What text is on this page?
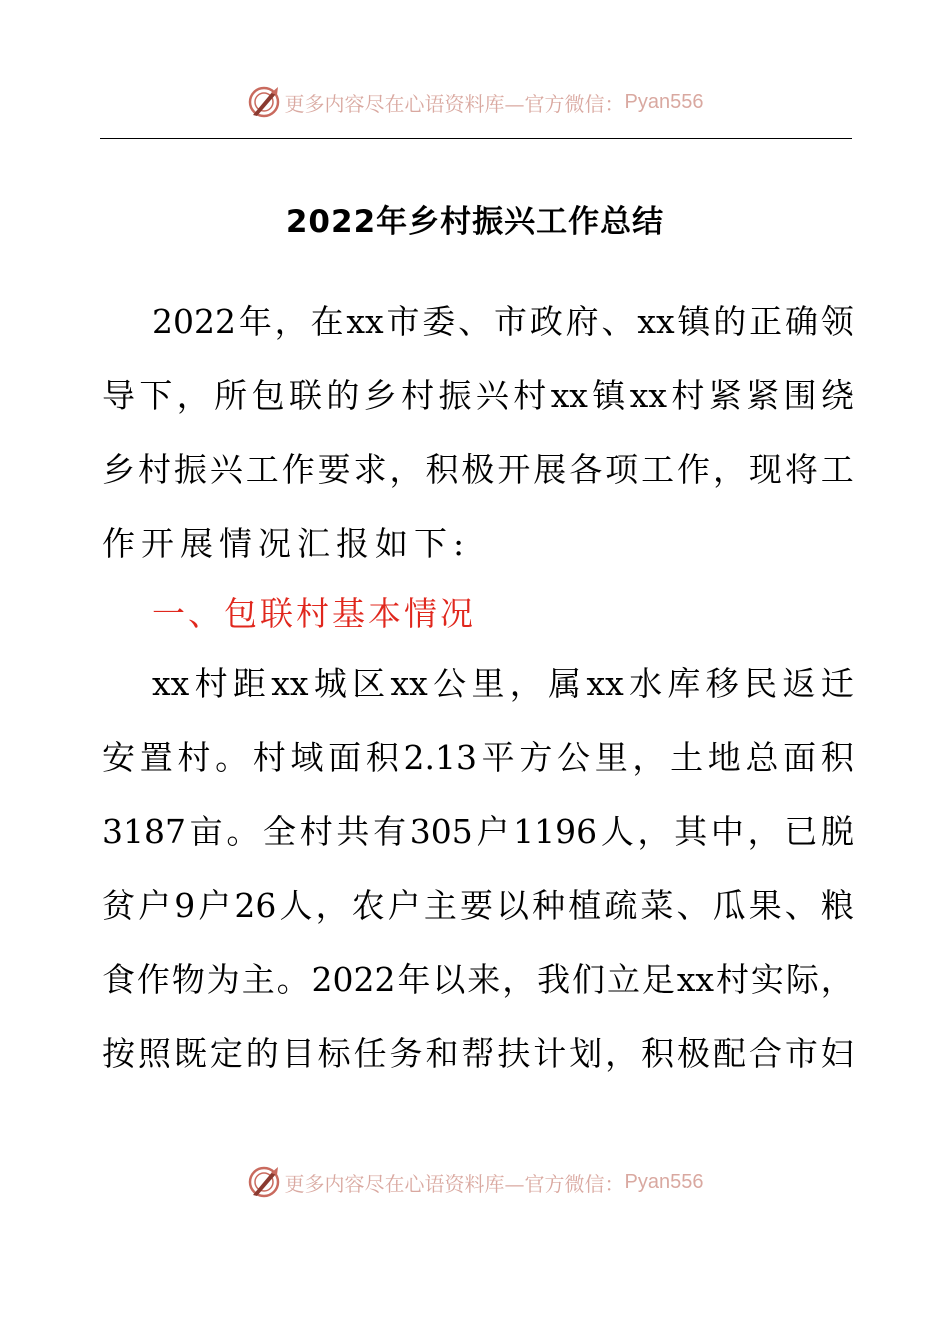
更多内容尽在心语资料库—官方微信： Pyan556
2022年乡村振兴工作总结
2022 年 ， 在 xx 市 委 、 市 政 府 、 xx 镇 的 正 确 领
导 下 ， 所 包 联 的 乡 村 振 兴 村 xx 镇 xx 村 紧 紧 围 绕
乡 村 振 兴 工 作 要 求 ， 积 极 开 展 各 项 工 作 ， 现 将 工
作 开 展 情 况 汇 报 如 下 :
一、包联村基本情况
xx 村 距 xx 城 区 xx 公 里 ， 属 xx 水 库 移 民 返 迁
安 置 村 。 村 域 面 积 2.13 平 方 公 里 ， 土 地 总 面 积
3187 亩 。 全 村 共 有 305 户 1196 人 ， 其 中 ， 已 脱
贫 户 9 户 26 人 ， 农 户 主 要 以 种 植 疏 菜 、 瓜 果 、 粮
食 作 物 为 主 。 2022 年 以 来 ， 我 们 立 足 xx 村 实 际 ，
按 照 既 定 的 目 标 任 务 和 帮 扶 计 划 ， 积 极 配 合 市 妇
更多内容尽在心语资料库—官方微信： Pyan556
